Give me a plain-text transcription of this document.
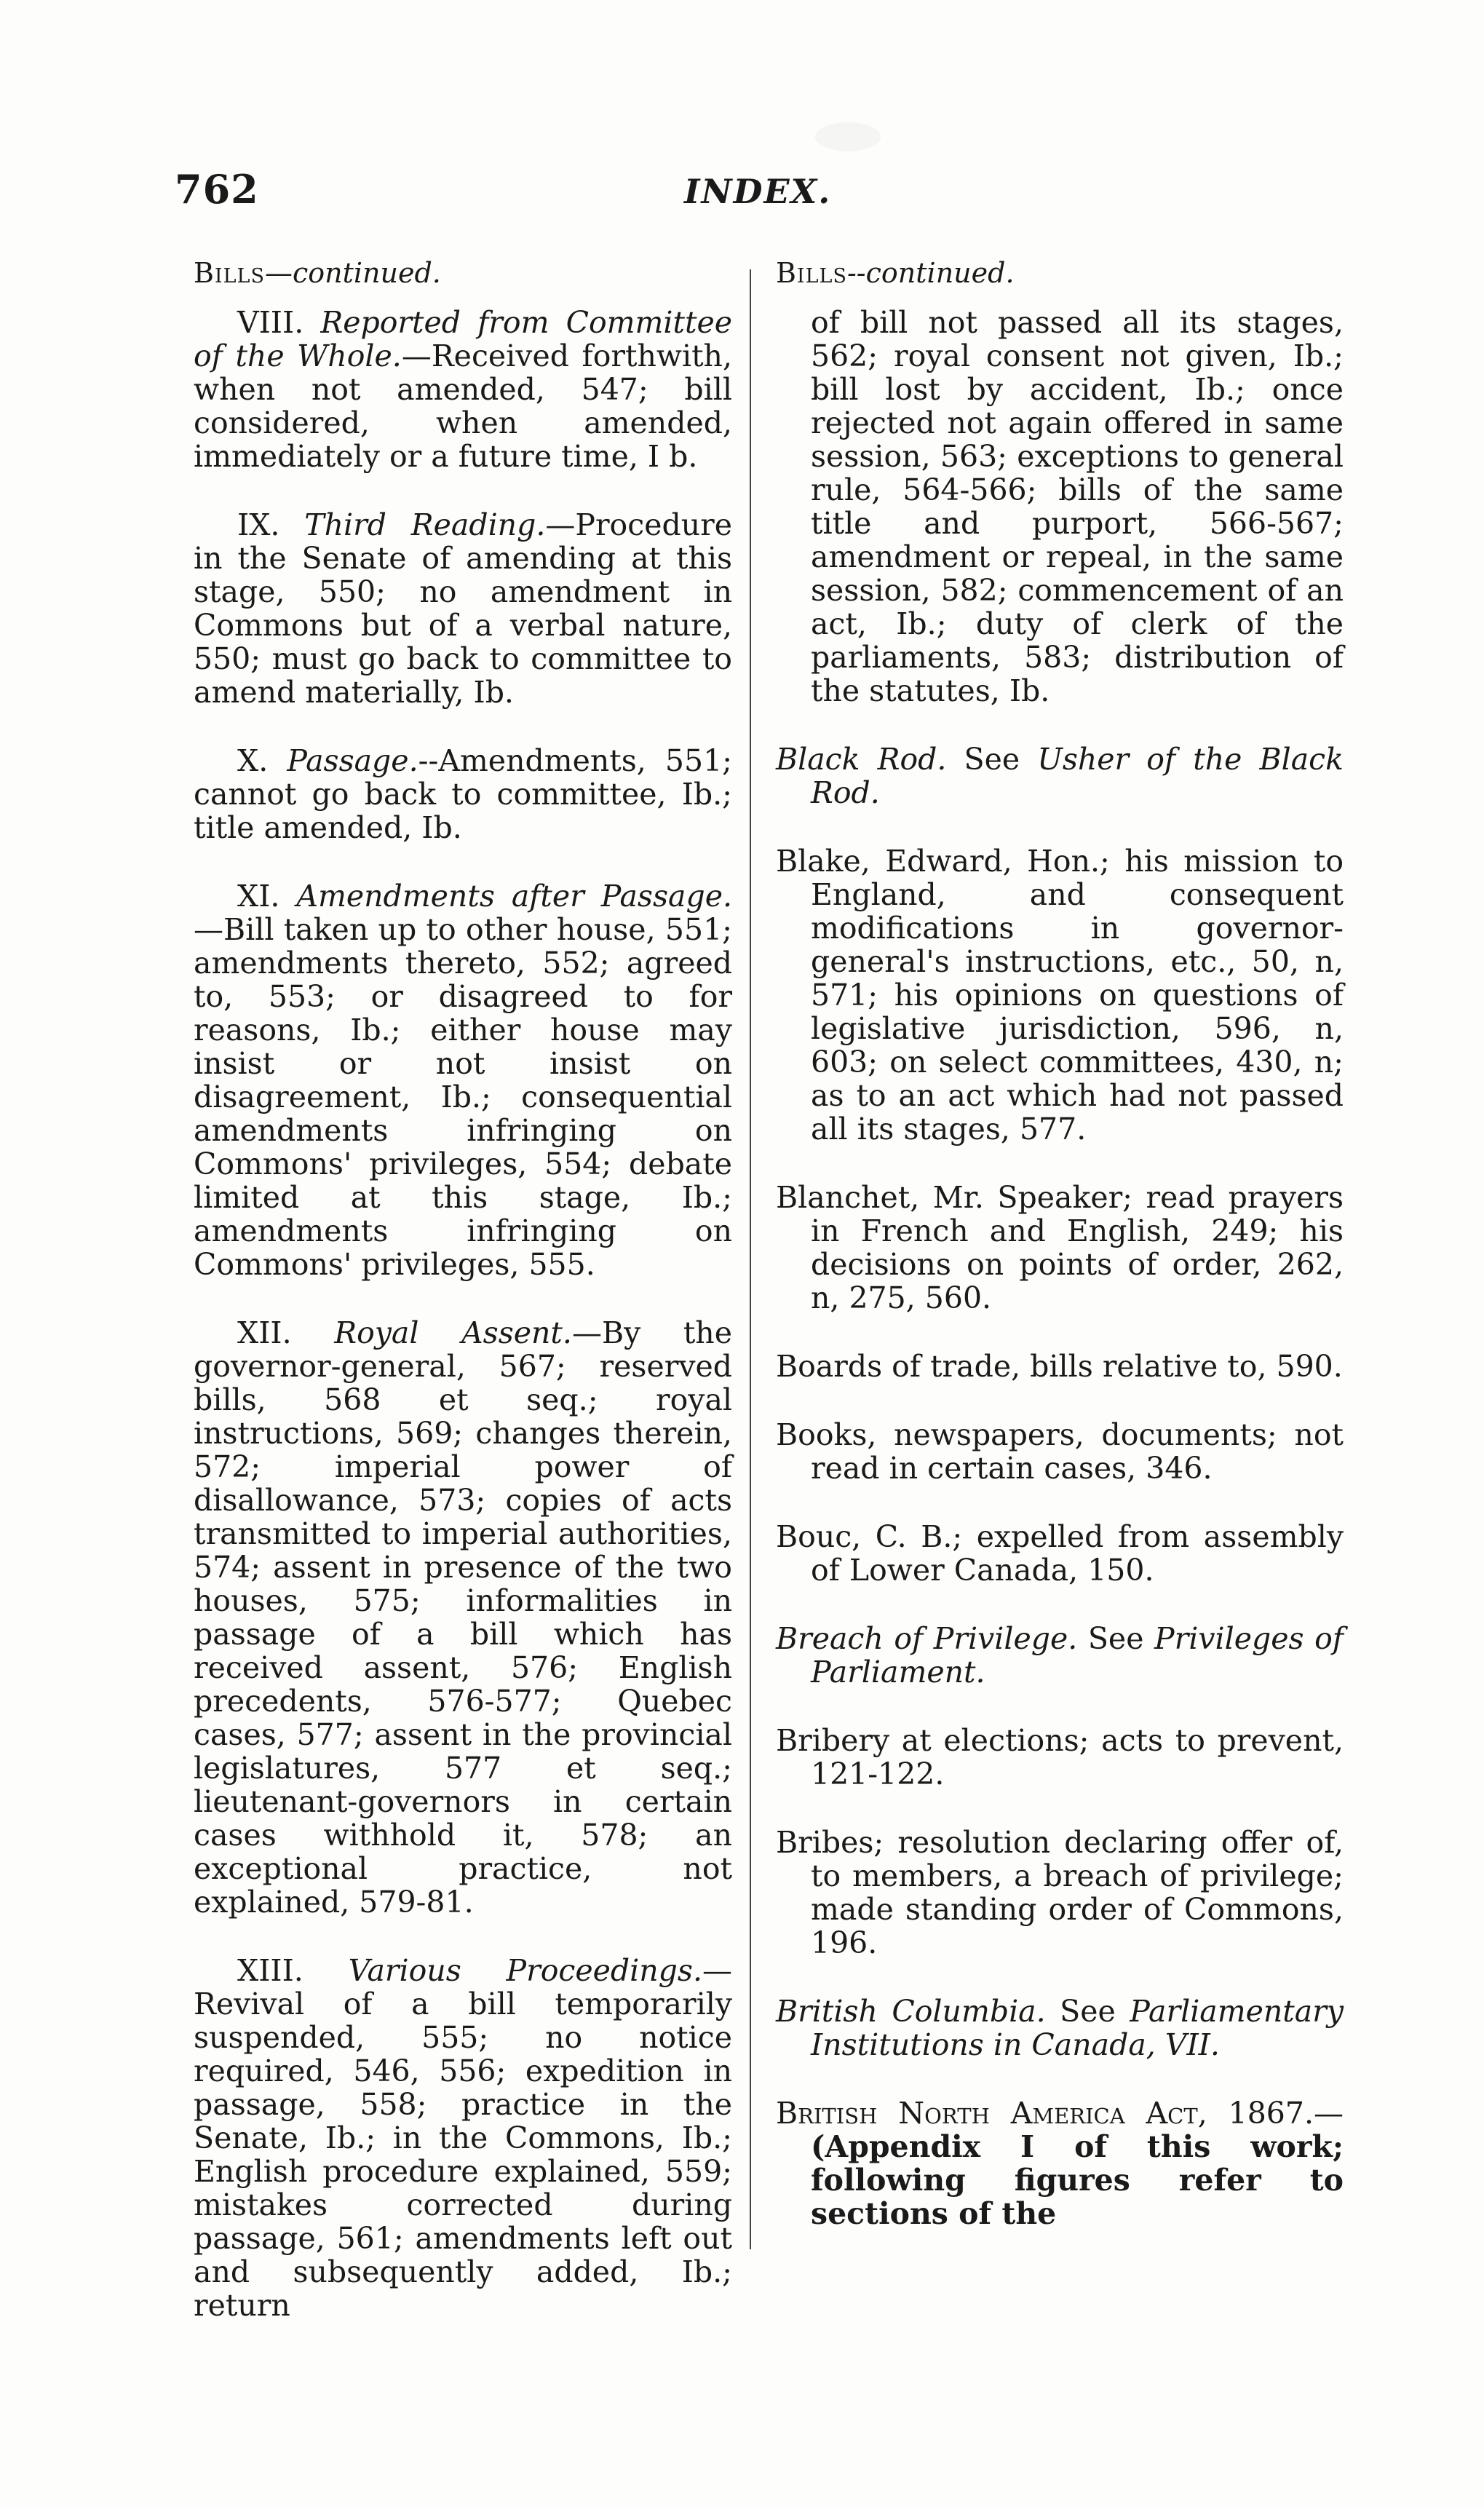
762	INDEX.
Bills—continued.

VIII. Reported from Committee of the Whole.—Received forthwith, when not amended, 547; bill considered, when amended, immediately or a future time, I b.

IX. Third Reading.—Procedure in the Senate of amending at this stage, 550; no amendment in Commons but of a verbal nature, 550; must go back to committee to amend materially, Ib.

X. Passage.--Amendments, 551; cannot go back to committee, Ib.; title amended, Ib.

XI. Amendments after Passage.—Bill taken up to other house, 551; amendments thereto, 552; agreed to, 553; or disagreed to for reasons, Ib.; either house may insist or not insist on disagreement, Ib.; consequential amendments infringing on Commons' privileges, 554; debate limited at this stage, Ib.; amendments infringing on Commons' privileges, 555.

XII. Royal Assent.—By the governor-general, 567; reserved bills, 568 et seq.; royal instructions, 569; changes therein, 572; imperial power of disallowance, 573; copies of acts transmitted to imperial authorities, 574; assent in presence of the two houses, 575; informalities in passage of a bill which has received assent, 576; English precedents, 576-577; Quebec cases, 577; assent in the provincial legislatures, 577 et seq.; lieutenant-governors in certain cases withhold it, 578; an exceptional practice, not explained, 579-81.

XIII. Various Proceedings.—Revival of a bill temporarily suspended, 555; no notice required, 546, 556; expedition in passage, 558; practice in the Senate, Ib.; in the Commons, Ib.; English procedure explained, 559; mistakes corrected during passage, 561; amendments left out and subsequently added, Ib.; return

Bills--continued.

of bill not passed all its stages, 562; royal consent not given, Ib.; bill lost by accident, Ib.; once rejected not again offered in same session, 563; exceptions to general rule, 564-566; bills of the same title and purport, 566-567; amendment or repeal, in the same session, 582; commencement of an act, Ib.; duty of clerk of the parliaments, 583; distribution of the statutes, Ib.

Black Rod. See Usher of the Black Rod.

Blake, Edward, Hon.; his mission to England, and consequent modifications in governor-general's instructions, etc., 50, n, 571; his opinions on questions of legislative jurisdiction, 596, n, 603; on select committees, 430, n; as to an act which had not passed all its stages, 577.

Blanchet, Mr. Speaker; read prayers in French and English, 249; his decisions on points of order, 262, n, 275, 560.

Boards of trade, bills relative to, 590.

Books, newspapers, documents; not read in certain cases, 346.

Bouc, C. B.; expelled from assembly of Lower Canada, 150.

Breach of Privilege. See Privileges of Parliament.

Bribery at elections; acts to prevent, 121-122.

Bribes; resolution declaring offer of, to members, a breach of privilege; made standing order of Commons, 196.

British Columbia. See Parliamentary Institutions in Canada, VII.

British North America Act, 1867.— (Appendix I of this work; following figures refer to sections of the
